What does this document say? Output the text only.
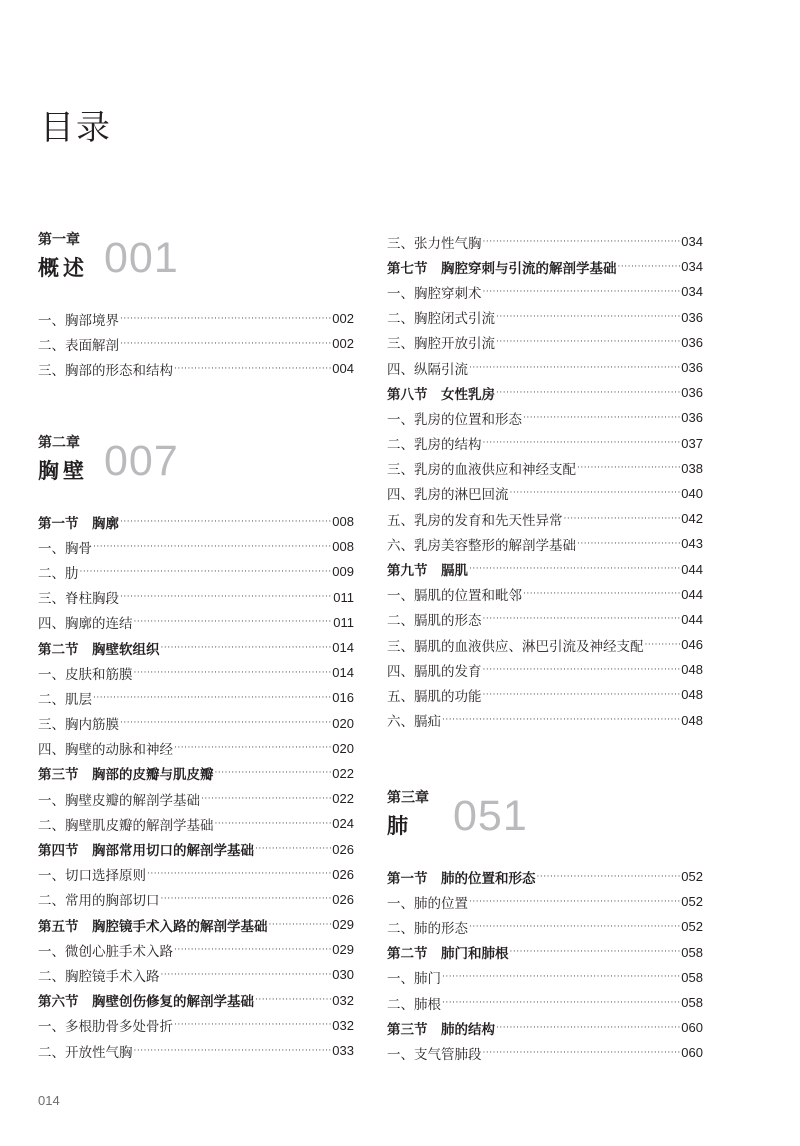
目录
第一章
概述 001
一、胸部境界 ·····	002
二、表面解剖 ·····	002
三、胸部的形态和结构 ·····	004
第二章
胸壁 007
第一节　胸廓 ·····	008
一、胸骨 ·····	008
二、肋 ·····	009
三、脊柱胸段 ·····	011
四、胸廓的连结 ·····	011
第二节　胸壁软组织 ·····	014
一、皮肤和筋膜 ·····	014
二、肌层 ·····	016
三、胸内筋膜 ·····	020
四、胸壁的动脉和神经 ·····	020
第三节　胸部的皮瓣与肌皮瓣 ·····	022
一、胸壁皮瓣的解剖学基础 ·····	022
二、胸壁肌皮瓣的解剖学基础 ·····	024
第四节　胸部常用切口的解剖学基础 ·····	026
一、切口选择原则 ·····	026
二、常用的胸部切口 ·····	026
第五节　胸腔镜手术入路的解剖学基础 ·····	029
一、微创心脏手术入路 ·····	029
二、胸腔镜手术入路 ·····	030
第六节　胸壁创伤修复的解剖学基础 ·····	032
一、多根肋骨多处骨折 ·····	032
二、开放性气胸 ·····	033
三、张力性气胸 ·····	034
第七节　胸腔穿刺与引流的解剖学基础 ·····	034
一、胸腔穿刺术 ·····	034
二、胸腔闭式引流 ·····	036
三、胸腔开放引流 ·····	036
四、纵隔引流 ·····	036
第八节　女性乳房 ·····	036
一、乳房的位置和形态 ·····	036
二、乳房的结构 ·····	037
三、乳房的血液供应和神经支配 ·····	038
四、乳房的淋巴回流 ·····	040
五、乳房的发育和先天性异常 ·····	042
六、乳房美容整形的解剖学基础 ·····	043
第九节　膈肌 ·····	044
一、膈肌的位置和毗邻 ·····	044
二、膈肌的形态 ·····	044
三、膈肌的血液供应、淋巴引流及神经支配 ·····	046
四、膈肌的发育 ·····	048
五、膈肌的功能 ·····	048
六、膈疝 ·····	048
第三章
肺 051
第一节　肺的位置和形态 ·····	052
一、肺的位置 ·····	052
二、肺的形态 ·····	052
第二节　肺门和肺根 ·····	058
一、肺门 ·····	058
二、肺根 ·····	058
第三节　肺的结构 ·····	060
一、支气管肺段 ·····	060
014
